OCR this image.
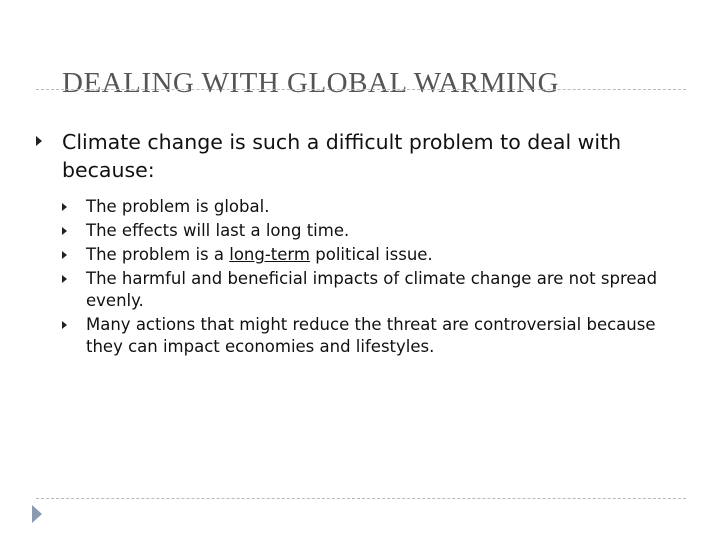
DEALING WITH GLOBAL WARMING
Climate change is such a difficult problem to deal with because:
The problem is global.
The effects will last a long time.
The problem is a long-term political issue.
The harmful and beneficial impacts of climate change are not spread evenly.
Many actions that might reduce the threat are controversial because they can impact economies and lifestyles.
